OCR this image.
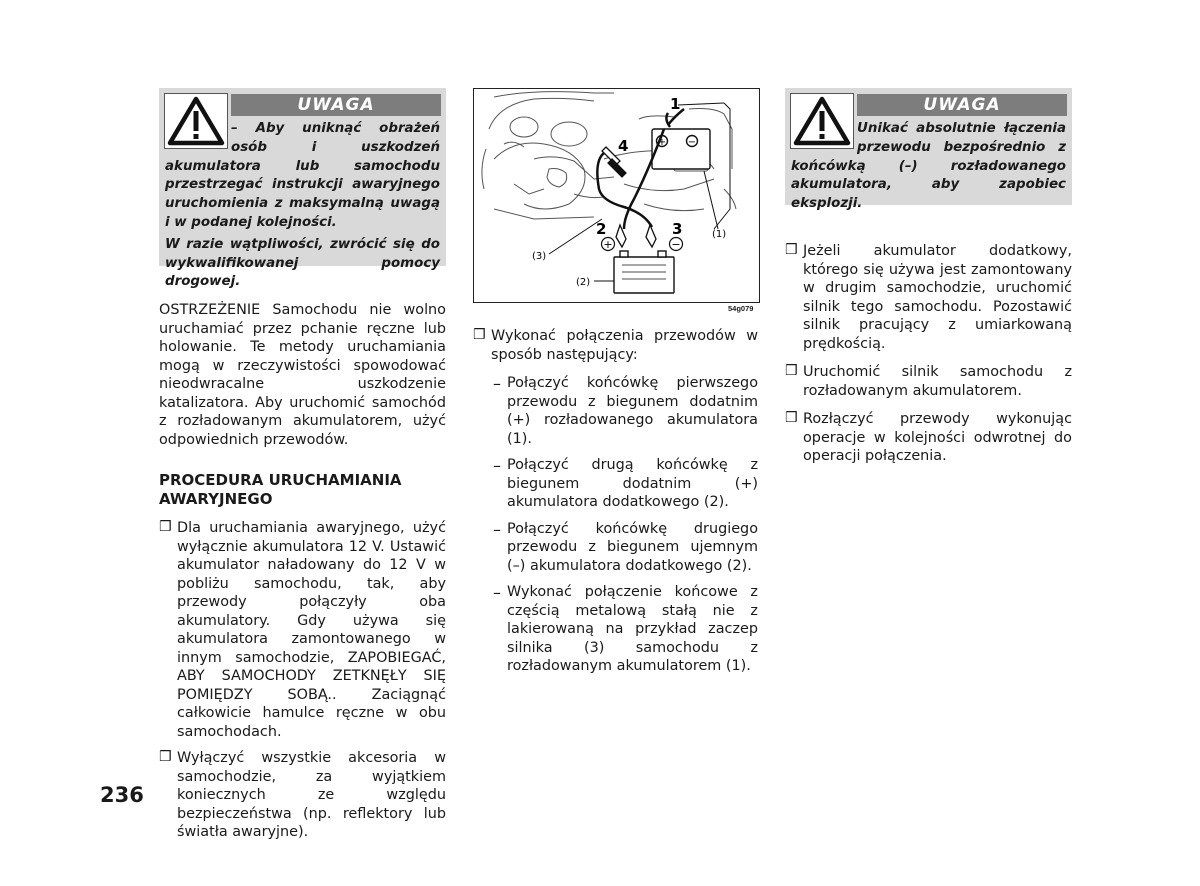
UWAGA

– Aby uniknąć obrażeń osób i uszkodzeń akumulatora lub samochodu przestrzegać instrukcji awaryjnego uruchomienia z maksymalną uwagą i w podanej kolejności.

W razie wątpliwości, zwrócić się do wykwalifikowanej pomocy drogowej.

OSTRZEŻENIE Samochodu nie wolno uruchamiać przez pchanie ręczne lub holowanie. Te metody uruchamiania mogą w rzeczywistości spowodować nieodwracalne uszkodzenie katalizatora. Aby uruchomić samochód z rozładowanym akumulatorem, użyć odpowiednich przewodów.

PROCEDURA URUCHAMIANIA AWARYJNEGO

❒ Dla uruchamiania awaryjnego, użyć wyłącznie akumulatora 12 V. Ustawić akumulator naładowany do 12 V w pobliżu samochodu, tak, aby przewody połączyły oba akumulatory. Gdy używa się akumulatora zamontowanego w innym samochodzie, ZAPOBIEGAĆ, ABY SAMOCHODY ZETKNĘŁY SIĘ POMIĘDZY SOBĄ.. Zaciągnąć całkowicie hamulce ręczne w obu samochodach.

❒ Wyłączyć wszystkie akcesoria w samochodzie, za wyjątkiem koniecznych ze względu bezpieczeństwa (np. reflektory lub światła awaryjne).

236
+ −
+	−
1
4
2	3	(1)
(2)
(3)
54g079
❒ Wykonać połączenia przewodów w sposób następujący:

– Połączyć końcówkę pierwszego przewodu z biegunem dodatnim (+) rozładowanego akumulatora (1).

– Połączyć drugą końcówkę z biegunem dodatnim (+) akumulatora dodatkowego (2).

– Połączyć końcówkę drugiego przewodu z biegunem ujemnym (–) akumulatora dodatkowego (2).

– Wykonać połączenie końcowe z częścią metalową stałą nie z lakierowaną na przykład zaczep silnika (3) samochodu z rozładowanym akumulatorem (1).

UWAGA

Unikać absolutnie łączenia przewodu bezpośrednio z końcówką (–) rozładowanego akumulatora, aby zapobiec eksplozji.

❒ Jeżeli akumulator dodatkowy, którego się używa jest zamontowany w drugim samochodzie, uruchomić silnik tego samochodu. Pozostawić silnik pracujący z umiarkowaną prędkością.

❒ Uruchomić silnik samochodu z rozładowanym akumulatorem.

❒ Rozłączyć przewody wykonując operacje w kolejności odwrotnej do operacji połączenia.
